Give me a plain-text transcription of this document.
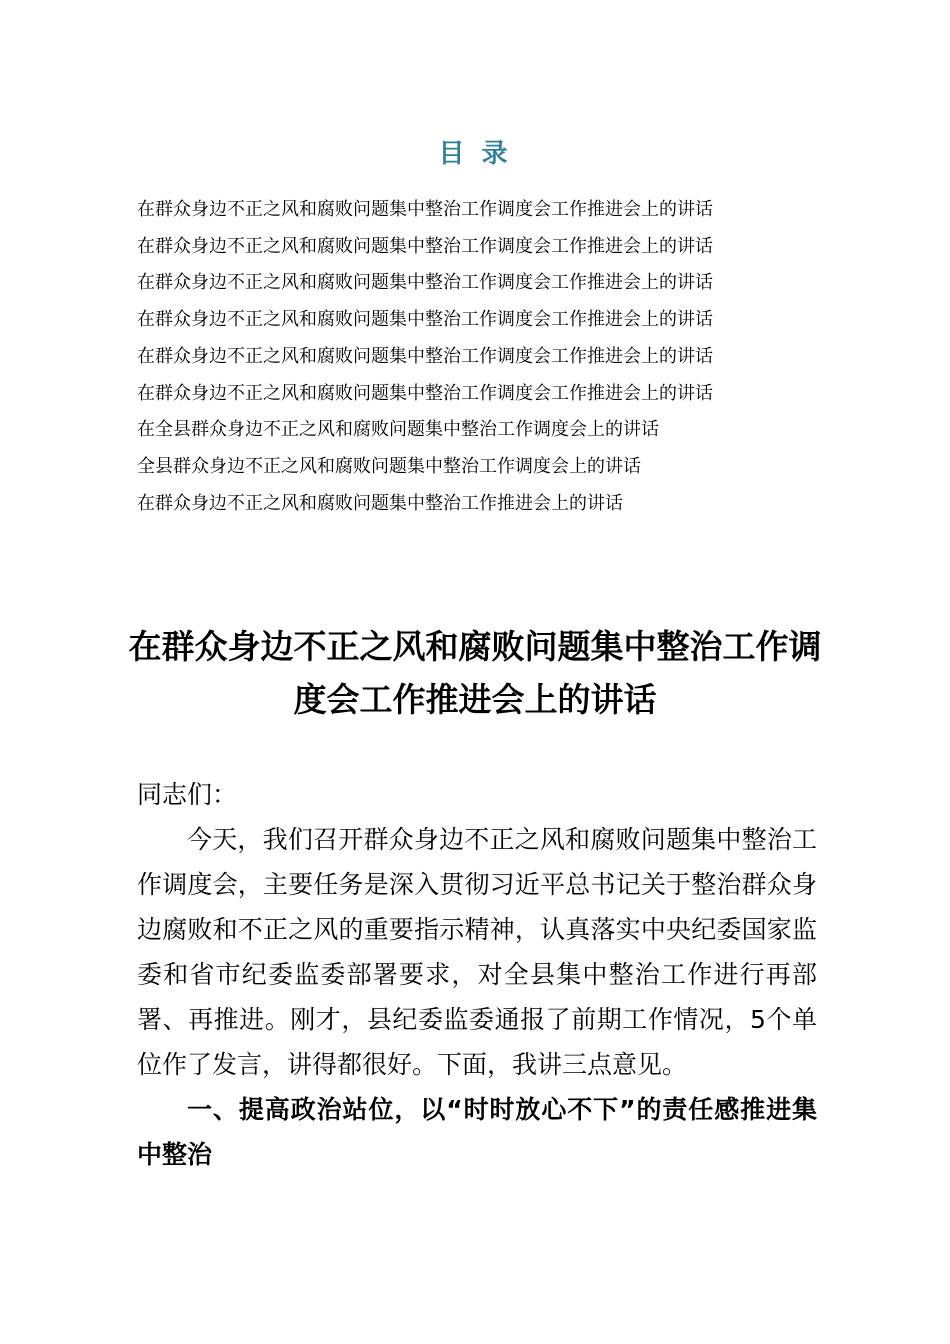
目 录
在群众身边不正之风和腐败问题集中整治工作调度会工作推进会上的讲话
在群众身边不正之风和腐败问题集中整治工作调度会工作推进会上的讲话
在群众身边不正之风和腐败问题集中整治工作调度会工作推进会上的讲话
在群众身边不正之风和腐败问题集中整治工作调度会工作推进会上的讲话
在群众身边不正之风和腐败问题集中整治工作调度会工作推进会上的讲话
在群众身边不正之风和腐败问题集中整治工作调度会工作推进会上的讲话
在全县群众身边不正之风和腐败问题集中整治工作调度会上的讲话
全县群众身边不正之风和腐败问题集中整治工作调度会上的讲话
在群众身边不正之风和腐败问题集中整治工作推进会上的讲话
在群众身边不正之风和腐败问题集中整治工作调度会工作推进会上的讲话

同志们：

今天，我们召开群众身边不正之风和腐败问题集中整治工作调度会，主要任务是深入贯彻习近平总书记关于整治群众身边腐败和不正之风的重要指示精神，认真落实中央纪委国家监委和省市纪委监委部署要求，对全县集中整治工作进行再部署、再推进。刚才，县纪委监委通报了前期工作情况，5个单位作了发言，讲得都很好。下面，我讲三点意见。

一、提高政治站位，以“时时放心不下”的责任感推进集中整治
